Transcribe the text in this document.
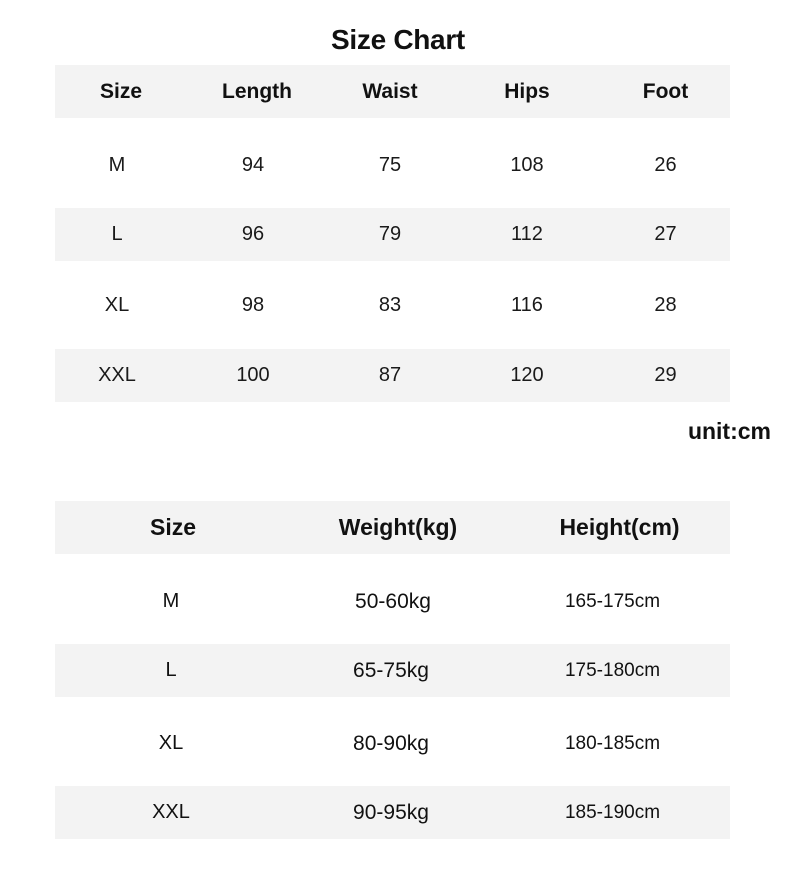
Size Chart
Size	Length	Waist	Hips	Foot
M	94	75	108	26
L	96	79	112	27
XL	98	83	116	28
XXL	100	87	120	29
unit:cm
Size	Weight(kg)	Height(cm)
M	50-60kg	165-175cm
L	65-75kg	175-180cm
XL	80-90kg	180-185cm
XXL	90-95kg	185-190cm
